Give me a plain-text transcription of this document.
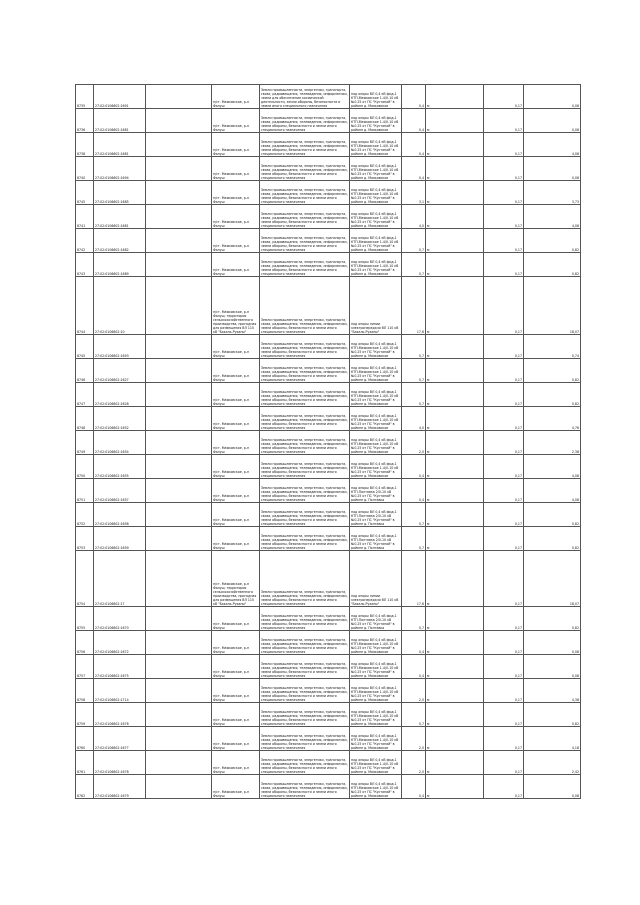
8735	27:02:0106602:1691		п/ст. Маяковское, р-н Фалуш	Земли промышленности, энергетики, транспорта, связи, радиовещания, телевидения, информатики, земли для обеспечения космической деятельности, земли обороны, безопасности и земли иного специального назначения	под опоры ВЛ 0,4 кВ фид.1 КТП-Маяковское 1-4/0-10 кВ №0.25 от ПС "Кустанай" в районе д. Маяковское	0,4	м	0,17	0,08
8736	27:02:0106602:1681		п/ст. Маяковское, р-н Фалуш	Земли промышленности, энергетики, транспорта, связи, радиовещания, телевидения, информатики, земли обороны, безопасности и земли иного специального назначения	под опоры ВЛ 0,4 кВ фид.1 КТП-Маяковское 1-4/0-10 кВ №0.25 от ПС "Кустанай" в районе д. Маяковское	0,4	м	0,17	0,08
8738	27:02:0106602:1681		п/ст. Маяковское, р-н Фалуш	Земли промышленности, энергетики, транспорта, связи, радиовещания, телевидения, информатики, земли обороны, безопасности и земли иного специального назначения	под опоры ВЛ 0,4 кВ фид.1 КТП-Маяковское 1-4/0-10 кВ №0.25 от ПС "Кустанай" в районе д. Маяковское	0,4	м	0,17	4,08
8740	27:02:0106602:1694		п/ст. Маяковское, р-н Фалуш	Земли промышленности, энергетики, транспорта, связи, радиовещания, телевидения, информатики, земли обороны, безопасности и земли иного специального назначения	под опоры ВЛ 0,4 кВ фид.1 КТП-Маяковское 1-4/0-10 кВ №0.25 от ПС "Кустанай" в районе д. Маяковское	0,4	м	0,17	0,08
8745	27:02:0106602:1685		п/ст. Маяковское, р-н Фалуш	Земли промышленности, энергетики, транспорта, связи, радиовещания, телевидения, информатики, земли обороны, безопасности и земли иного специального назначения	под опоры ВЛ 0,4 кВ фид.1 КТП-Маяковское 1-4/0-10 кВ №0.25 от ПС "Кустанай" в районе д. Маяковское	3,1	м	0,17	3,73
8741	27:02:0106602:1681		п/ст. Маяковское, р-н Фалуш	Земли промышленности, энергетики, транспорта, связи, радиовещания, телевидения, информатики, земли обороны, безопасности и земли иного специального назначения	под опоры ВЛ 0,4 кВ фид.1 КТП-Маяковское 1-4/0-10 кВ №0.25 от ПС "Кустанай" в районе д. Маяковское	4,0	м	0,17	4,08
8742	27:02:0106602:1682		п/ст. Маяковское, р-н Фалуш	Земли промышленности, энергетики, транспорта, связи, радиовещания, телевидения, информатики, земли обороны, безопасности и земли иного специального назначения	под опоры ВЛ 0,4 кВ фид.1 КТП-Маяковское 1-4/0-10 кВ №0.25 от ПС "Кустанай" в районе д. Маяковское	0,7	м	0,17	0,82
8743	27:02:0106602:1689		п/ст. Маяковское, р-н Фалуш	Земли промышленности, энергетики, транспорта, связи, радиовещания, телевидения, информатики, земли обороны, безопасности и земли иного специального назначения	под опоры ВЛ 0,4 кВ фид.1 КТП-Маяковское 1-4/0-10 кВ №0.25 от ПС "Кустанай" в районе д. Маяковское	0,7	м	0,17	0,82
8744	27:02:0106602:10		п/ст. Маяковское, р-н Фалуш, территория сельскохозяйственного производства, пригодная для размещения ВЛ 110 кВ "Бакаль-Руханы"	Земли промышленности, энергетики, транспорта, связи, радиовещания, телевидения, информатики, земли обороны, безопасности и земли иного специального назначения	под опоры линии электропередачи ВЛ 110 кВ "Бакаль-Руханы"	17,6	м	0,17	18,07
8745	27:02:0106602:1693		п/ст. Маяковское, р-н Фалуш	Земли промышленности, энергетики, транспорта, связи, радиовещания, телевидения, информатики, земли обороны, безопасности и земли иного специального назначения	под опоры ВЛ 0,4 кВ фид.1 КТП-Маяковское 1-4/0-10 кВ №0.25 от ПС "Кустанай" в районе д. Маяковское	0,7	м	0,17	0,74
8746	27:02:0106602:1627		п/ст. Маяковское, р-н Фалуш	Земли промышленности, энергетики, транспорта, связи, радиовещания, телевидения, информатики, земли обороны, безопасности и земли иного специального назначения	под опоры ВЛ 0,4 кВ фид.1 КТП-Маяковское 1-4/0-10 кВ №0.25 от ПС "Кустанай" в районе д. Маяковское	0,7	м	0,17	0,82
8747	27:02:0106602:1628		п/ст. Маяковское, р-н Фалуш	Земли промышленности, энергетики, транспорта, связи, радиовещания, телевидения, информатики, земли обороны, безопасности и земли иного специального назначения	под опоры ВЛ 0,4 кВ фид.1 КТП-Маяковское 1-4/0-10 кВ №0.25 от ПС "Кустанай" в районе д. Маяковское	0,7	м	0,17	0,82
8748	27:02:0106602:1652		п/ст. Маяковское, р-н Фалуш	Земли промышленности, энергетики, транспорта, связи, радиовещания, телевидения, информатики, земли обороны, безопасности и земли иного специального назначения	под опоры ВЛ 0,4 кВ фид.1 КТП-Маяковское 1-4/0-10 кВ №0.25 от ПС "Кустанай" в районе д. Маяковское	4,0	м	0,17	4,76
8749	27:02:0106602:1654		п/ст. Маяковское, р-н Фалуш	Земли промышленности, энергетики, транспорта, связи, радиовещания, телевидения, информатики, земли обороны, безопасности и земли иного специального назначения	под опоры ВЛ 0,4 кВ фид.1 КТП-Маяковское 1-4/0-10 кВ №0.25 от ПС "Кустанай" в районе д. Маяковское	2,0	м	0,17	2,38
8750	27:02:0106602:1655		п/ст. Маяковское, р-н Фалуш	Земли промышленности, энергетики, транспорта, связи, радиовещания, телевидения, информатики, земли обороны, безопасности и земли иного специального назначения	под опоры ВЛ 0,4 кВ фид.1 КТП-Маяковское 1-4/0-10 кВ №0.25 от ПС "Кустанай" в районе д. Маяковское	0,4	м	0,17	4,08
8751	27:02:0106602:1657		п/ст. Маяковское, р-н Фалуш	Земли промышленности, энергетики, транспорта, связи, радиовещания, телевидения, информатики, земли обороны, безопасности и земли иного специального назначения	под опоры ВЛ 0,4 кВ фид.1 КТП-Полтавка 2/0-10 кВ №0.25 от ПС "Кустанай" в районе д. Полтавка	0,4	м	0,17	4,08
8752	27:02:0106602:1658		п/ст. Маяковское, р-н Фалуш	Земли промышленности, энергетики, транспорта, связи, радиовещания, телевидения, информатики, земли обороны, безопасности и земли иного специального назначения	под опоры ВЛ 0,4 кВ фид.1 КТП-Полтавка 2/0-10 кВ №0.25 от ПС "Кустанай" в районе д. Полтавка	0,7	м	0,17	0,82
8753	27:02:0106602:1659		п/ст. Маяковское, р-н Фалуш	Земли промышленности, энергетики, транспорта, связи, радиовещания, телевидения, информатики, земли обороны, безопасности и земли иного специального назначения	под опоры ВЛ 0,4 кВ фид.1 КТП-Полтавка 2/0-10 кВ №0.25 от ПС "Кустанай" в районе д. Полтавка	0,7	м	0,17	0,82
8754	27:02:0106602:17		п/ст. Маяковское, р-н Фалуш, территория сельскохозяйственного производства, пригодная для размещения ВЛ 110 кВ "Бакаль-Руханы"	Земли промышленности, энергетики, транспорта, связи, радиовещания, телевидения, информатики, земли обороны, безопасности и земли иного специального назначения	под опоры линии электропередачи ВЛ 110 кВ "Бакаль-Руханы"	17,6	м	0,17	18,07
8755	27:02:0106602:1670		п/ст. Маяковское, р-н Фалуш	Земли промышленности, энергетики, транспорта, связи, радиовещания, телевидения, информатики, земли обороны, безопасности и земли иного специального назначения	под опоры ВЛ 0,4 кВ фид.1 КТП-Полтавка 2/0-10 кВ №0.25 от ПС "Кустанай" в районе д. Полтавка	0,7	м	0,17	0,82
8756	27:02:0106602:1672		п/ст. Маяковское, р-н Фалуш	Земли промышленности, энергетики, транспорта, связи, радиовещания, телевидения, информатики, земли обороны, безопасности и земли иного специального назначения	под опоры ВЛ 0,4 кВ фид.1 КТП-Маяковское 1-4/0-10 кВ №0.25 от ПС "Кустанай" в районе д. Маяковское	0,4	м	0,17	0,08
8757	27:02:0106602:1675		п/ст. Маяковское, р-н Фалуш	Земли промышленности, энергетики, транспорта, связи, радиовещания, телевидения, информатики, земли обороны, безопасности и земли иного специального назначения	под опоры ВЛ 0,4 кВ фид.1 КТП-Маяковское 1-4/0-10 кВ №0.25 от ПС "Кустанай" в районе д. Маяковское	0,4	м	0,17	0,08
8758	27:02:0106602:1714		п/ст. Маяковское, р-н Фалуш	Земли промышленности, энергетики, транспорта, связи, радиовещания, телевидения, информатики, земли обороны, безопасности и земли иного специального назначения	под опоры ВЛ 0,4 кВ фид.1 КТП-Маяковское 1-4/0-10 кВ №0.25 от ПС "Кустанай" в районе д. Маяковское	2,0	м	0,17	4,38
8759	27:02:0106602:1676		п/ст. Маяковское, р-н Фалуш	Земли промышленности, энергетики, транспорта, связи, радиовещания, телевидения, информатики, земли обороны, безопасности и земли иного специального назначения	под опоры ВЛ 0,4 кВ фид.1 КТП-Маяковское 1-4/0-10 кВ №0.25 от ПС "Кустанай" в районе д. Маяковское	0,7	м	0,17	0,82
8760	27:02:0106602:1677		п/ст. Маяковское, р-н Фалуш	Земли промышленности, энергетики, транспорта, связи, радиовещания, телевидения, информатики, земли обороны, безопасности и земли иного специального назначения	под опоры ВЛ 0,4 кВ фид.1 КТП-Маяковское 1-4/0-10 кВ №0.25 от ПС "Кустанай" в районе д. Маяковское	2,0	м	0,17	4,18
8761	27:02:0106602:1678		п/ст. Маяковское, р-н Фалуш	Земли промышленности, энергетики, транспорта, связи, радиовещания, телевидения, информатики, земли обороны, безопасности и земли иного специального назначения	под опоры ВЛ 0,4 кВ фид.1 КТП-Маяковское 1-4/0-10 кВ №0.25 от ПС "Кустанай" в районе д. Маяковское	2,0	м	0,17	2,42
8762	27:02:0106602:1679		п/ст. Маяковское, р-н Фалуш	Земли промышленности, энергетики, транспорта, связи, радиовещания, телевидения, информатики, земли обороны, безопасности и земли иного специального назначения	под опоры ВЛ 0,4 кВ фид.1 КТП-Маяковское 1-4/0-10 кВ №0.25 от ПС "Кустанай" в районе д. Маяковское	0,4	м	0,17	0,08
